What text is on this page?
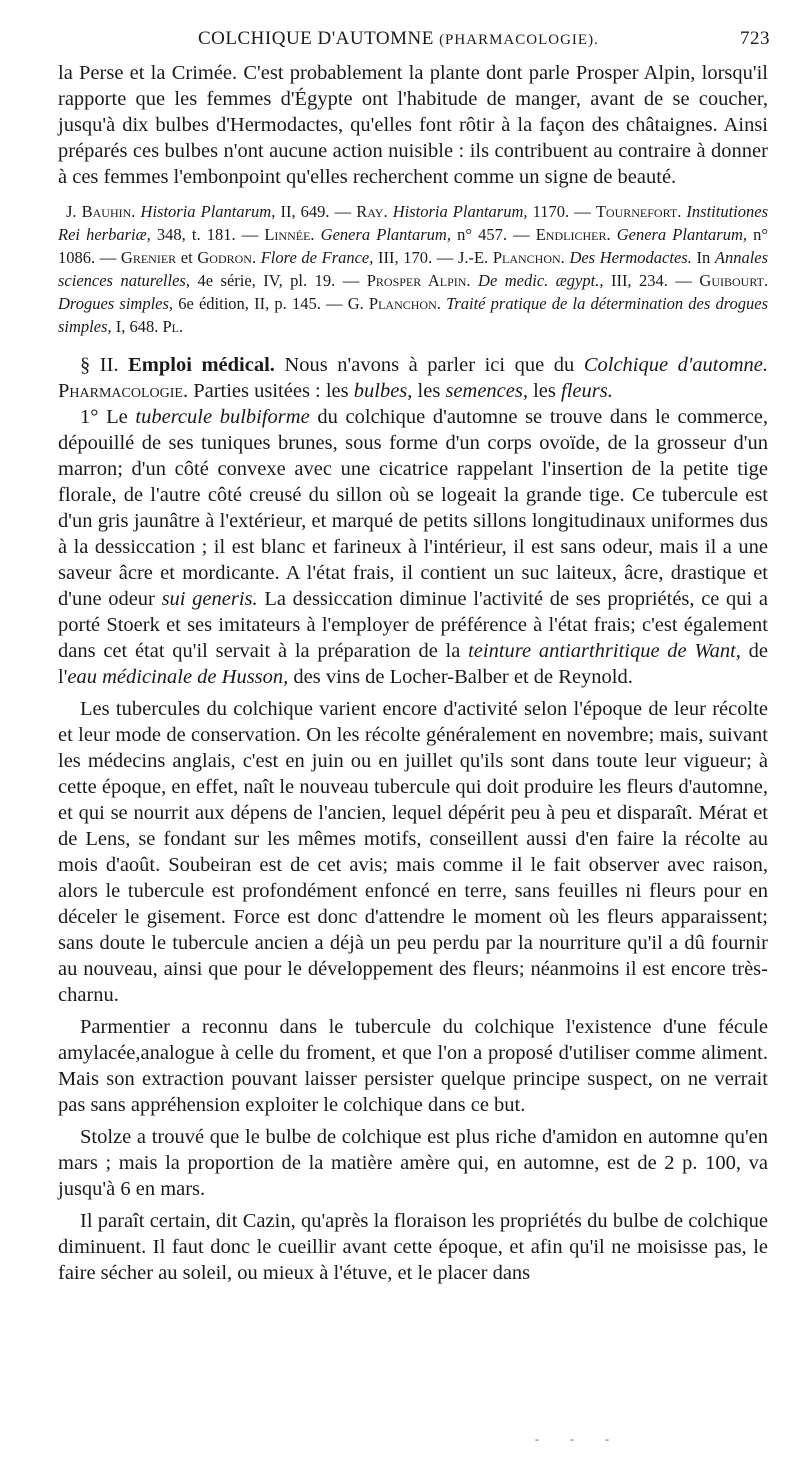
COLCHIQUE D'AUTOMNE (PHARMACOLOGIE).	723

la Perse et la Crimée. C'est probablement la plante dont parle Prosper Alpin, lorsqu'il rapporte que les femmes d'Égypte ont l'habitude de manger, avant de se coucher, jusqu'à dix bulbes d'Hermodactes, qu'elles font rôtir à la façon des châtaignes. Ainsi préparés ces bulbes n'ont aucune action nuisible : ils contribuent au contraire à donner à ces femmes l'embonpoint qu'elles recherchent comme un signe de beauté.

J. Bauhin. Historia Plantarum, II, 649. — Ray. Historia Plantarum, 1170. — Tournefort. Institutiones Rei herbariæ, 348, t. 181. — Linnée. Genera Plantarum, n° 457. — Endlicher. Genera Plantarum, n° 1086. — Grenier et Godron. Flore de France, III, 170. — J.-E. Planchon. Des Hermodactes. In Annales sciences naturelles, 4e série, IV, pl. 19. — Prosper Alpin. De medic. ægypt., III, 234. — Guibourt. Drogues simples, 6e édition, II, p. 145. — G. Planchon. Traité pratique de la détermination des drogues simples, I, 648. Pl.

§ II. Emploi médical. Nous n'avons à parler ici que du Colchique d'automne. Pharmacologie. Parties usitées : les bulbes, les semences, les fleurs.

1° Le tubercule bulbiforme du colchique d'automne se trouve dans le commerce, dépouillé de ses tuniques brunes, sous forme d'un corps ovoïde, de la grosseur d'un marron; d'un côté convexe avec une cicatrice rappelant l'insertion de la petite tige florale, de l'autre côté creusé du sillon où se logeait la grande tige. Ce tubercule est d'un gris jaunâtre à l'extérieur, et marqué de petits sillons longitudinaux uniformes dus à la dessiccation ; il est blanc et farineux à l'intérieur, il est sans odeur, mais il a une saveur âcre et mordicante. A l'état frais, il contient un suc laiteux, âcre, drastique et d'une odeur sui generis. La dessiccation diminue l'activité de ses propriétés, ce qui a porté Stoerk et ses imitateurs à l'employer de préférence à l'état frais; c'est également dans cet état qu'il servait à la préparation de la teinture antiarthritique de Want, de l'eau médicinale de Husson, des vins de Locher-Balber et de Reynold.

Les tubercules du colchique varient encore d'activité selon l'époque de leur récolte et leur mode de conservation. On les récolte généralement en novembre; mais, suivant les médecins anglais, c'est en juin ou en juillet qu'ils sont dans toute leur vigueur; à cette époque, en effet, naît le nouveau tubercule qui doit produire les fleurs d'automne, et qui se nourrit aux dépens de l'ancien, lequel dépérit peu à peu et disparaît. Mérat et de Lens, se fondant sur les mêmes motifs, conseillent aussi d'en faire la récolte au mois d'août. Soubeiran est de cet avis; mais comme il le fait observer avec raison, alors le tubercule est profondément enfoncé en terre, sans feuilles ni fleurs pour en déceler le gisement. Force est donc d'attendre le moment où les fleurs apparaissent; sans doute le tubercule ancien a déjà un peu perdu par la nourriture qu'il a dû fournir au nouveau, ainsi que pour le développement des fleurs; néanmoins il est encore très-charnu.

Parmentier a reconnu dans le tubercule du colchique l'existence d'une fécule amylacée,analogue à celle du froment, et que l'on a proposé d'utiliser comme aliment. Mais son extraction pouvant laisser persister quelque principe suspect, on ne verrait pas sans appréhension exploiter le colchique dans ce but.

Stolze a trouvé que le bulbe de colchique est plus riche d'amidon en automne qu'en mars ; mais la proportion de la matière amère qui, en automne, est de 2 p. 100, va jusqu'à 6 en mars.

Il paraît certain, dit Cazin, qu'après la floraison les propriétés du bulbe de colchique diminuent. Il faut donc le cueillir avant cette époque, et afin qu'il ne moisisse pas, le faire sécher au soleil, ou mieux à l'étuve, et le placer dans

- - -
